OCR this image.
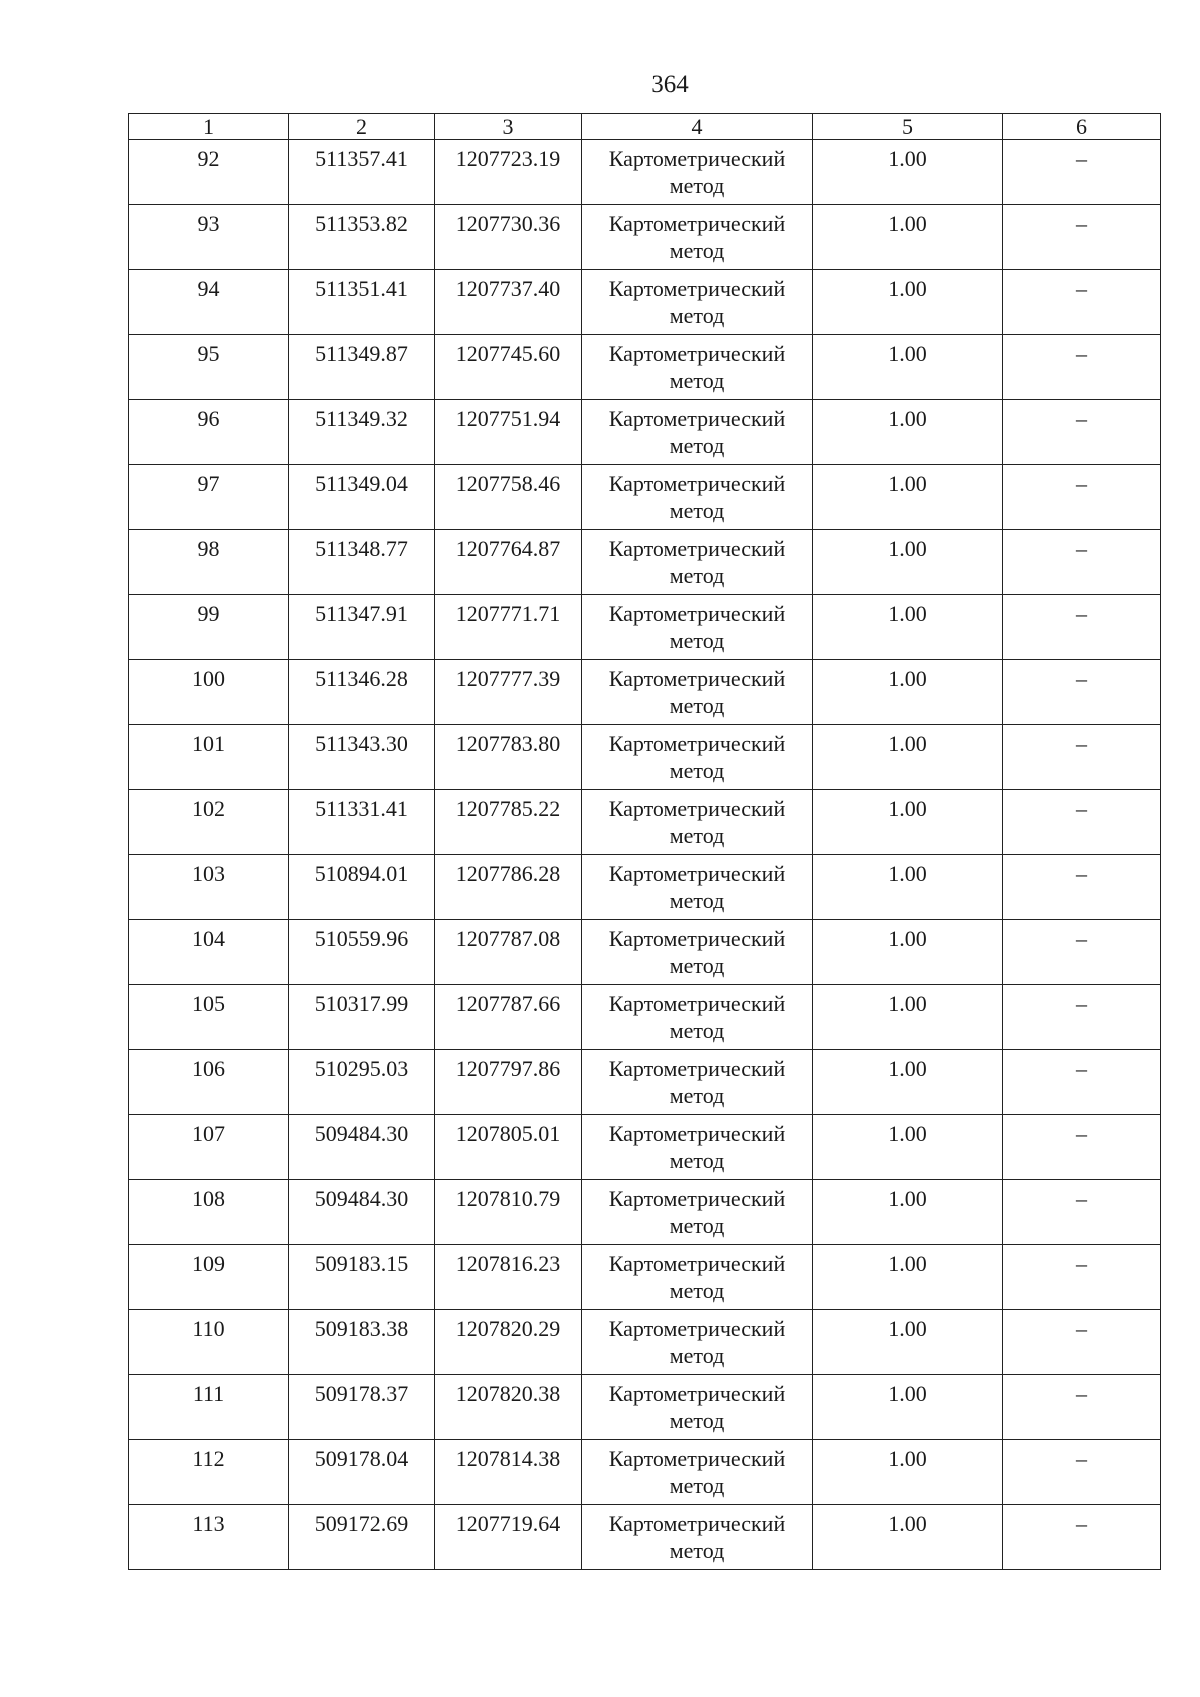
364
1	2	3	4	5	6
92	511357.41	1207723.19	Картометрический метод	1.00	–
93	511353.82	1207730.36	Картометрический метод	1.00	–
94	511351.41	1207737.40	Картометрический метод	1.00	–
95	511349.87	1207745.60	Картометрический метод	1.00	–
96	511349.32	1207751.94	Картометрический метод	1.00	–
97	511349.04	1207758.46	Картометрический метод	1.00	–
98	511348.77	1207764.87	Картометрический метод	1.00	–
99	511347.91	1207771.71	Картометрический метод	1.00	–
100	511346.28	1207777.39	Картометрический метод	1.00	–
101	511343.30	1207783.80	Картометрический метод	1.00	–
102	511331.41	1207785.22	Картометрический метод	1.00	–
103	510894.01	1207786.28	Картометрический метод	1.00	–
104	510559.96	1207787.08	Картометрический метод	1.00	–
105	510317.99	1207787.66	Картометрический метод	1.00	–
106	510295.03	1207797.86	Картометрический метод	1.00	–
107	509484.30	1207805.01	Картометрический метод	1.00	–
108	509484.30	1207810.79	Картометрический метод	1.00	–
109	509183.15	1207816.23	Картометрический метод	1.00	–
110	509183.38	1207820.29	Картометрический метод	1.00	–
111	509178.37	1207820.38	Картометрический метод	1.00	–
112	509178.04	1207814.38	Картометрический метод	1.00	–
113	509172.69	1207719.64	Картометрический метод	1.00	–
